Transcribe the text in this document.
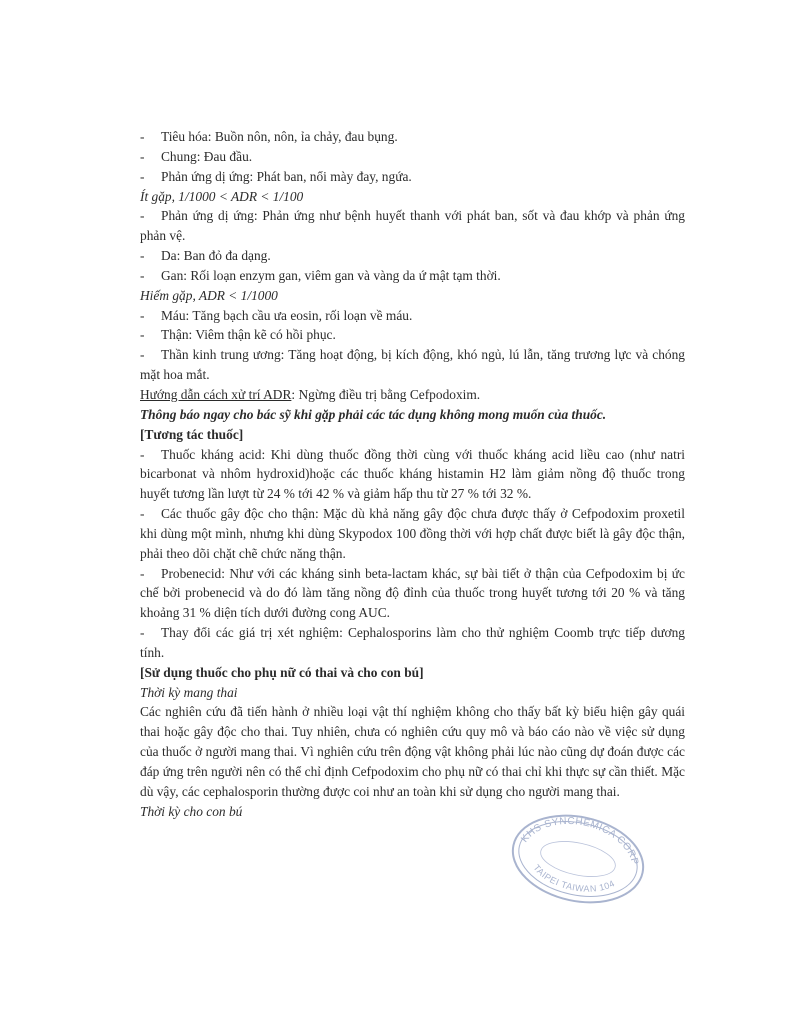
- Tiêu hóa: Buồn nôn, nôn, ỉa chảy, đau bụng.

- Chung: Đau đầu.

- Phản ứng dị ứng: Phát ban, nổi mày đay, ngứa.

Ít gặp, 1/1000 < ADR < 1/100

- Phản ứng dị ứng: Phản ứng như bệnh huyết thanh với phát ban, sốt và đau khớp và phản ứng phản vệ.

- Da: Ban đỏ đa dạng.

- Gan: Rối loạn enzym gan, viêm gan và vàng da ứ mật tạm thời.

Hiếm gặp, ADR < 1/1000

- Máu: Tăng bạch cầu ưa eosin, rối loạn về máu.

- Thận: Viêm thận kẽ có hồi phục.

- Thần kinh trung ương: Tăng hoạt động, bị kích động, khó ngủ, lú lẫn, tăng trương lực và chóng mặt hoa mắt.

Hướng dẫn cách xử trí ADR: Ngừng điều trị bằng Cefpodoxim.

Thông báo ngay cho bác sỹ khi gặp phải các tác dụng không mong muốn của thuốc.

[Tương tác thuốc]

- Thuốc kháng acid: Khi dùng thuốc đồng thời cùng với thuốc kháng acid liều cao (như natri bicarbonat và nhôm hydroxid)hoặc các thuốc kháng histamin H2 làm giảm nồng độ thuốc trong huyết tương lần lượt từ 24 % tới 42 % và giảm hấp thu từ 27 % tới 32 %.

- Các thuốc gây độc cho thận: Mặc dù khả năng gây độc chưa được thấy ở Cefpodoxim proxetil khi dùng một mình, nhưng khi dùng Skypodox 100 đồng thời với hợp chất được biết là gây độc thận, phải theo dõi chặt chẽ chức năng thận.

- Probenecid: Như với các kháng sinh beta-lactam khác, sự bài tiết ở thận của Cefpodoxim bị ức chế bởi probenecid và do đó làm tăng nồng độ đỉnh của thuốc trong huyết tương tới 20 % và tăng khoảng 31 % diện tích dưới đường cong AUC.

- Thay đổi các giá trị xét nghiệm: Cephalosporins làm cho thử nghiệm Coomb trực tiếp dương tính.

[Sử dụng thuốc cho phụ nữ có thai và cho con bú]

Thời kỳ mang thai

Các nghiên cứu đã tiến hành ở nhiều loại vật thí nghiệm không cho thấy bất kỳ biểu hiện gây quái thai hoặc gây độc cho thai. Tuy nhiên, chưa có nghiên cứu quy mô và báo cáo nào về việc sử dụng của thuốc ở người mang thai. Vì nghiên cứu trên động vật không phải lúc nào cũng dự đoán được các đáp ứng trên người nên có thể chỉ định Cefpodoxim cho phụ nữ có thai chỉ khi thực sự cần thiết. Mặc dù vậy, các cephalosporin thường được coi như an toàn khi sử dụng cho người mang thai.

Thời kỳ cho con bú

KHS SYNCHEMICA CORP
TAIPEI TAIWAN 104
